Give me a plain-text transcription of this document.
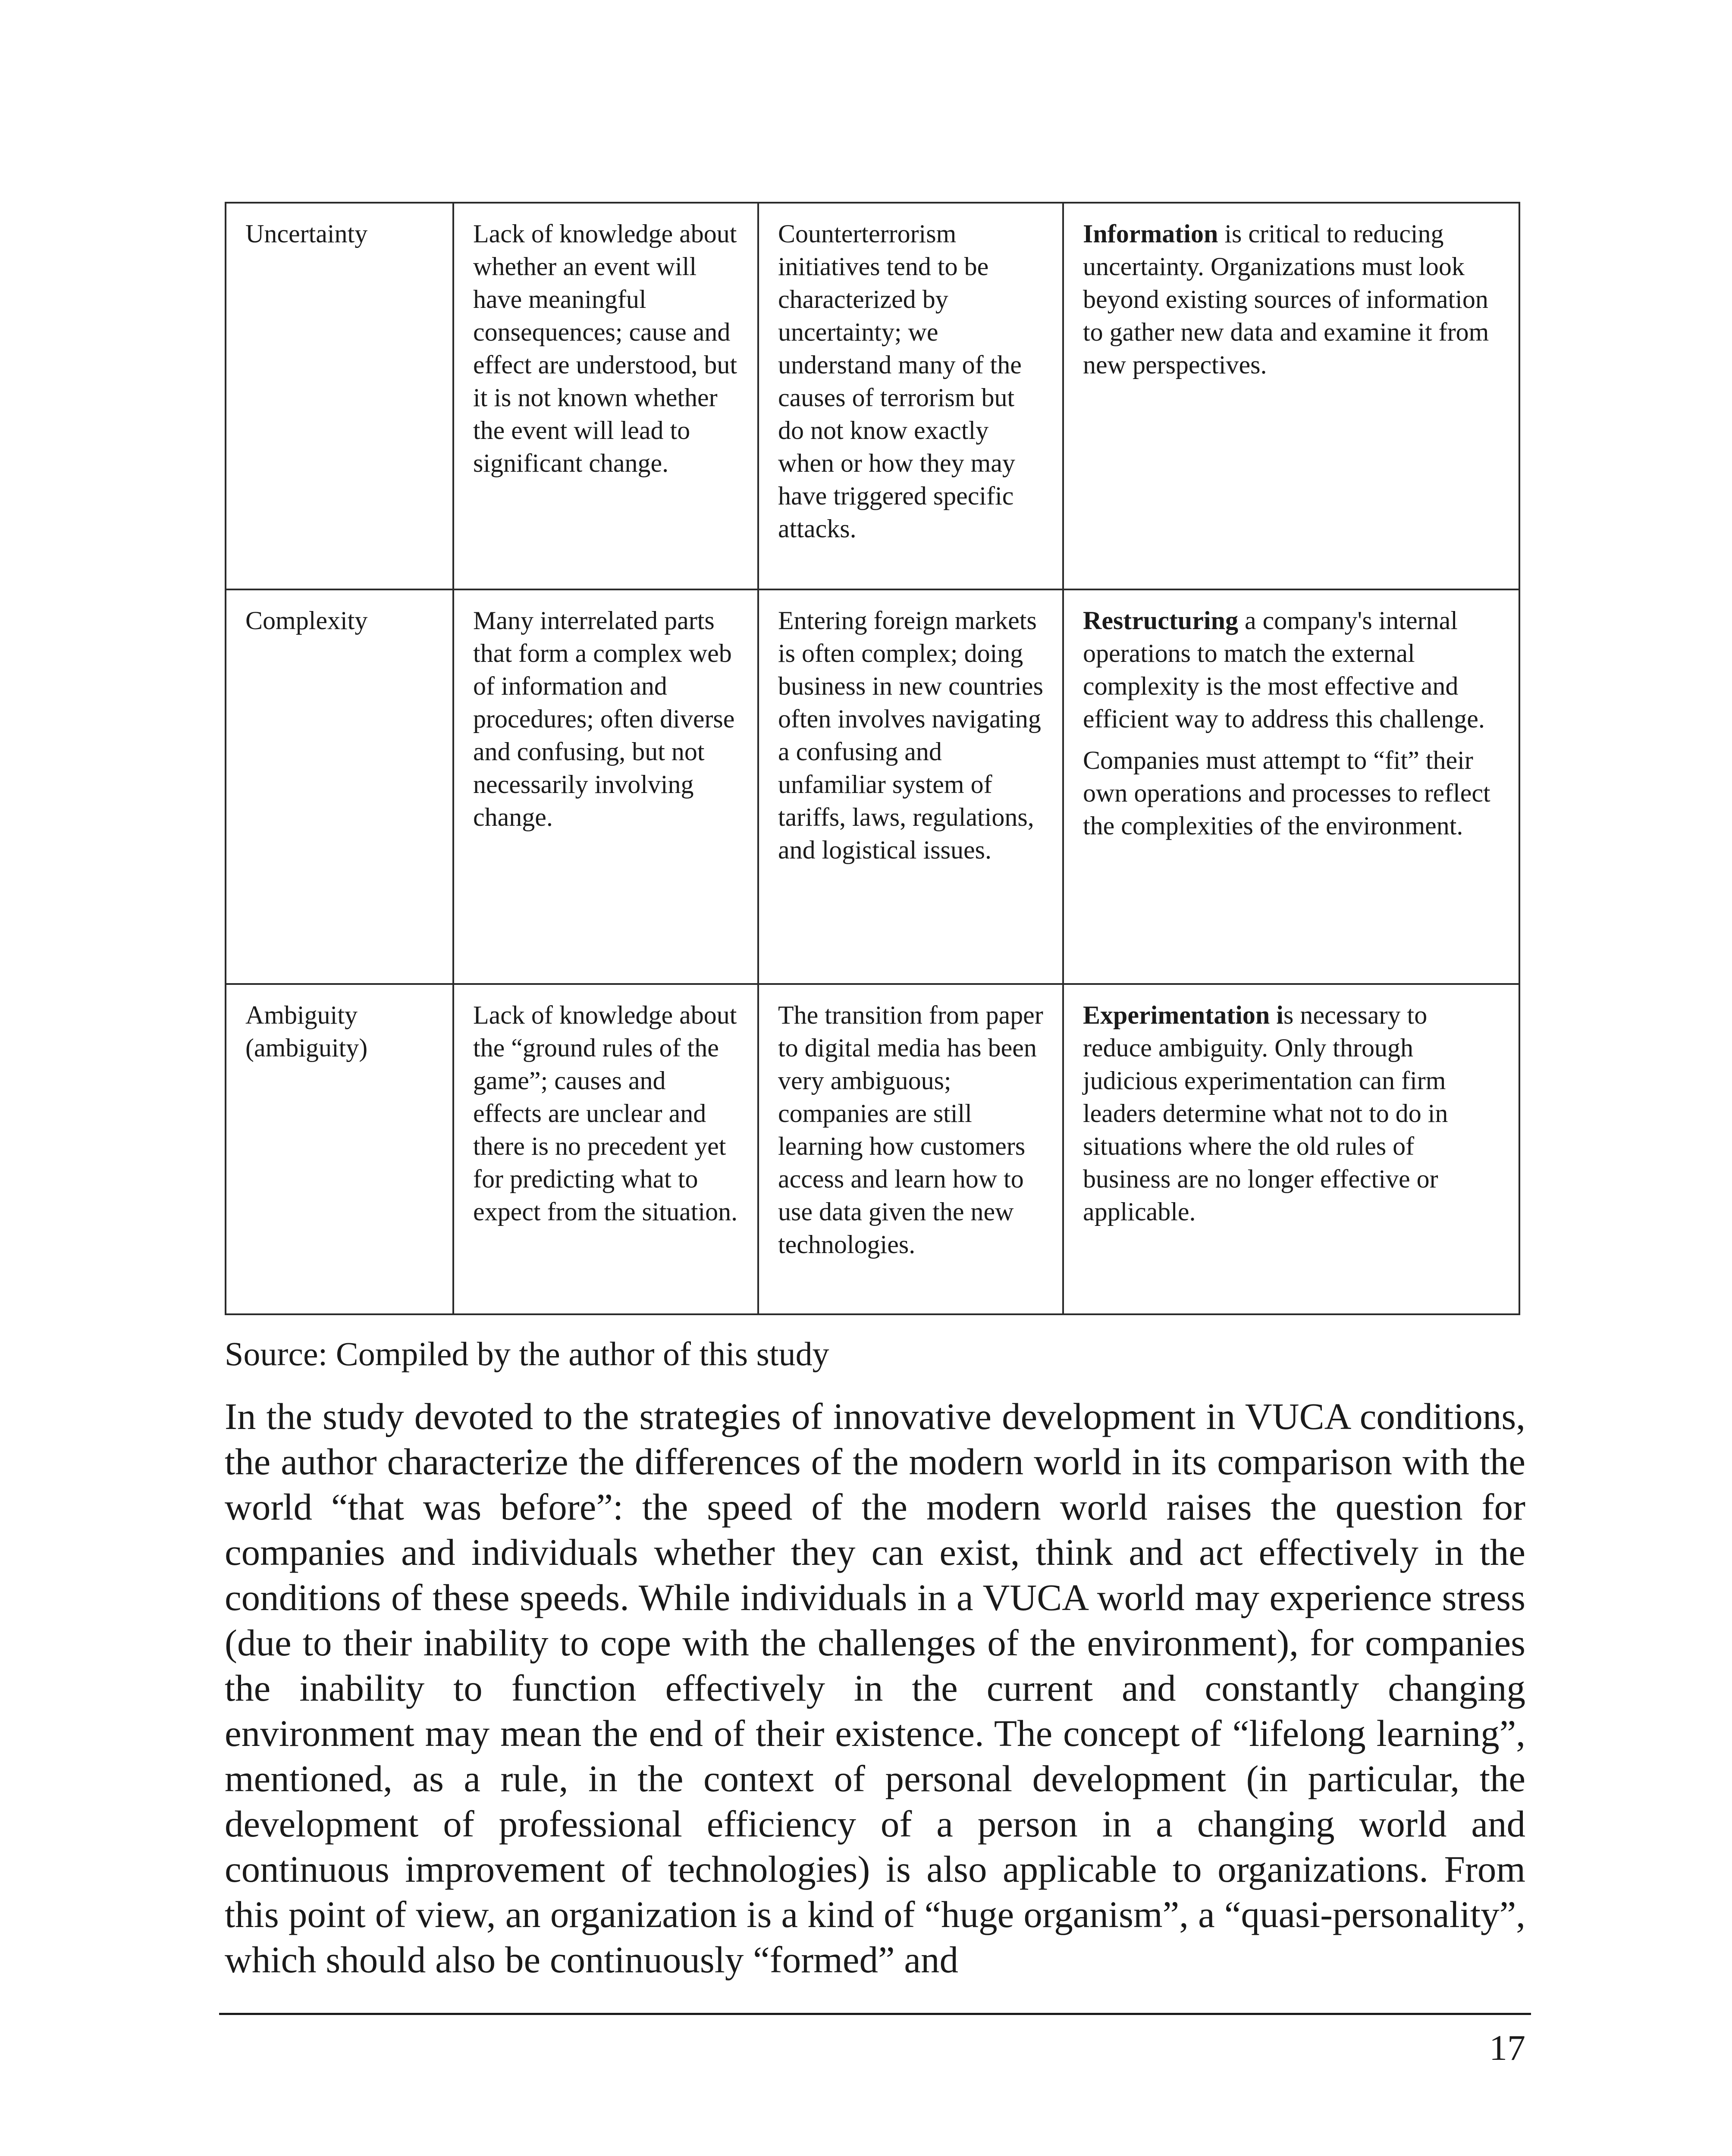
Uncertainty	Lack of knowledge about whether an event will have meaningful consequences; cause and effect are understood, but it is not known whether the event will lead to significant change.	Counterterrorism initiatives tend to be characterized by uncertainty; we understand many of the causes of terrorism but do not know exactly when or how they may have triggered specific attacks.	Information is critical to reducing uncertainty. Organizations must look beyond existing sources of information to gather new data and examine it from new perspectives.

Complexity	Many interrelated parts that form a complex web of information and procedures; often diverse and confusing, but not necessarily involving change.	Entering foreign markets is often complex; doing business in new countries often involves navigating a confusing and unfamiliar system of tariffs, laws, regulations, and logistical issues.	Restructuring a company's internal operations to match the external complexity is the most effective and efficient way to address this challenge.

Companies must attempt to “fit” their own operations and processes to reflect the complexities of the environment.

Ambiguity (ambiguity)	Lack of knowledge about the “ground rules of the game”; causes and effects are unclear and there is no precedent yet for predicting what to expect from the situation.	The transition from paper to digital media has been very ambiguous; companies are still learning how customers access and learn how to use data given the new technologies.	Experimentation is necessary to reduce ambiguity. Only through judicious experimentation can firm leaders determine what not to do in situations where the old rules of business are no longer effective or applicable.

Source: Compiled by the author of this study

In the study devoted to the strategies of innovative development in VUCA conditions, the author characterize the differences of the modern world in its comparison with the world “that was before”: the speed of the modern world raises the question for companies and individuals whether they can exist, think and act effectively in the conditions of these speeds. While individuals in a VUCA world may experience stress (due to their inability to cope with the challenges of the environment), for companies the inability to function effectively in the current and constantly changing environment may mean the end of their existence. The concept of “lifelong learning”, mentioned, as a rule, in the context of personal development (in particular, the development of professional efficiency of a person in a changing world and continuous improvement of technologies) is also applicable to organizations. From this point of view, an organization is a kind of “huge organism”, a “quasi-personality”, which should also be continuously “formed” and

17
